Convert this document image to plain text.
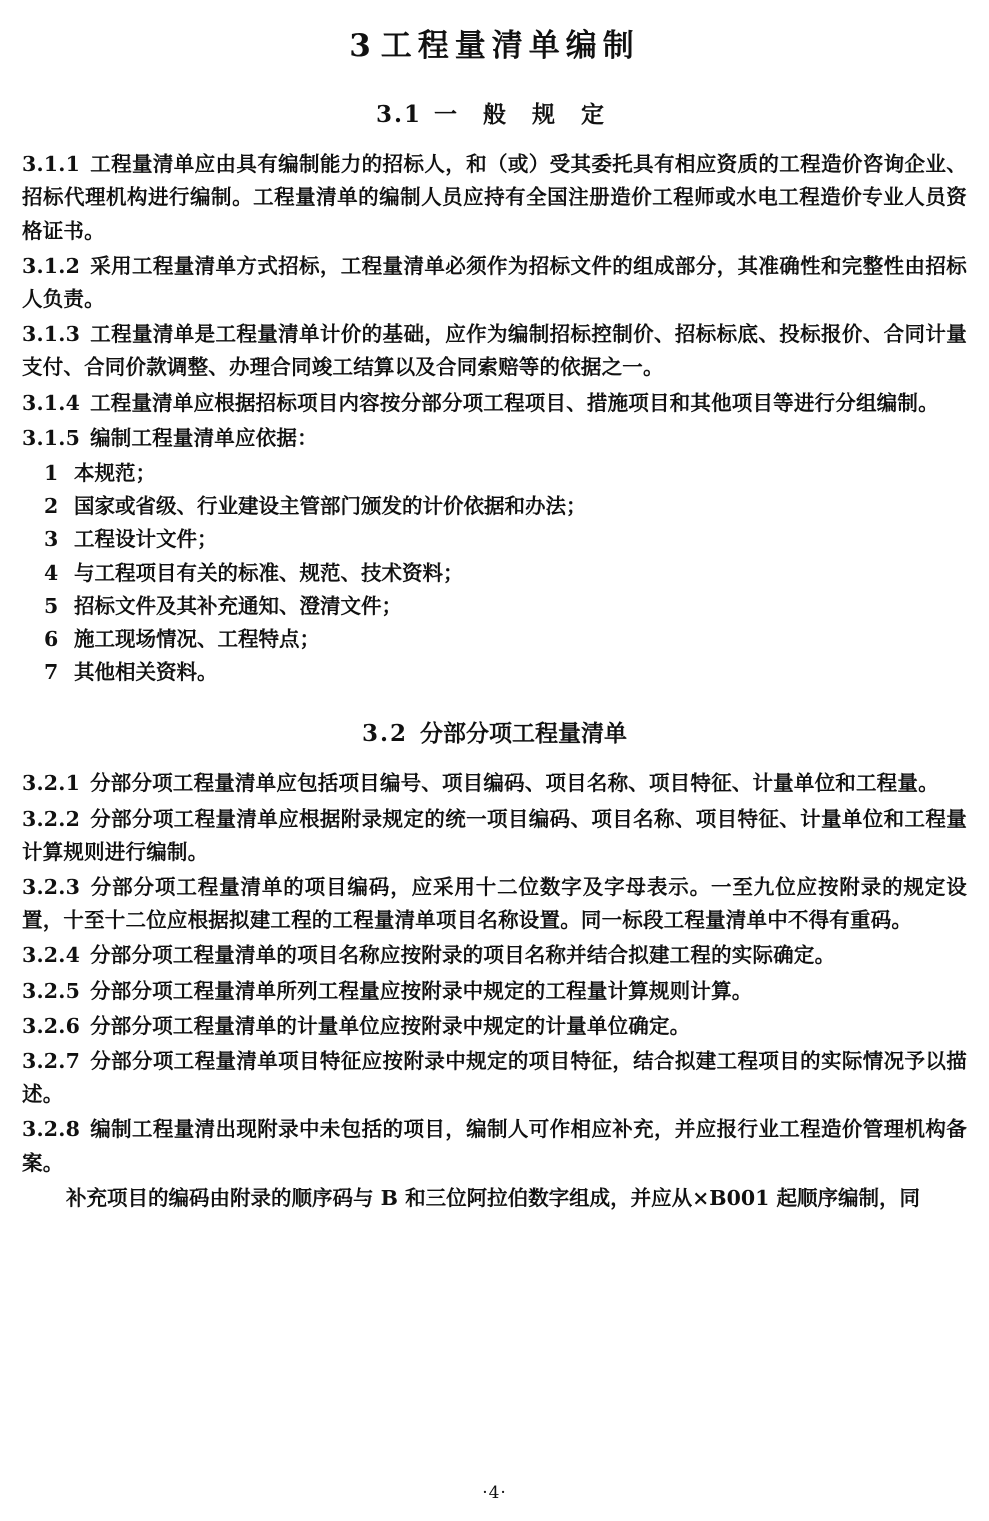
3工程量清单编制
3.1 一 般 规 定

3.1.1 工程量清单应由具有编制能力的招标人，和（或）受其委托具有相应资质的工程造价咨询企业、招标代理机构进行编制。工程量清单的编制人员应持有全国注册造价工程师或水电工程造价专业人员资格证书。

3.1.2 采用工程量清单方式招标，工程量清单必须作为招标文件的组成部分，其准确性和完整性由招标人负责。

3.1.3 工程量清单是工程量清单计价的基础，应作为编制招标控制价、招标标底、投标报价、合同计量支付、合同价款调整、办理合同竣工结算以及合同索赔等的依据之一。

3.1.4 工程量清单应根据招标项目内容按分部分项工程项目、措施项目和其他项目等进行分组编制。

3.1.5 编制工程量清单应依据：

1 本规范；
2 国家或省级、行业建设主管部门颁发的计价依据和办法；
3 工程设计文件；
4 与工程项目有关的标准、规范、技术资料；
5 招标文件及其补充通知、澄清文件；
6 施工现场情况、工程特点；
7 其他相关资料。
3.2 分部分项工程量清单

3.2.1 分部分项工程量清单应包括项目编号、项目编码、项目名称、项目特征、计量单位和工程量。

3.2.2 分部分项工程量清单应根据附录规定的统一项目编码、项目名称、项目特征、计量单位和工程量计算规则进行编制。

3.2.3 分部分项工程量清单的项目编码，应采用十二位数字及字母表示。一至九位应按附录的规定设置，十至十二位应根据拟建工程的工程量清单项目名称设置。同一标段工程量清单中不得有重码。

3.2.4 分部分项工程量清单的项目名称应按附录的项目名称并结合拟建工程的实际确定。

3.2.5 分部分项工程量清单所列工程量应按附录中规定的工程量计算规则计算。

3.2.6 分部分项工程量清单的计量单位应按附录中规定的计量单位确定。

3.2.7 分部分项工程量清单项目特征应按附录中规定的项目特征，结合拟建工程项目的实际情况予以描述。

3.2.8 编制工程量清出现附录中未包括的项目，编制人可作相应补充，并应报行业工程造价管理机构备案。

补充项目的编码由附录的顺序码与 B 和三位阿拉伯数字组成，并应从×B001 起顺序编制，同

·4·
